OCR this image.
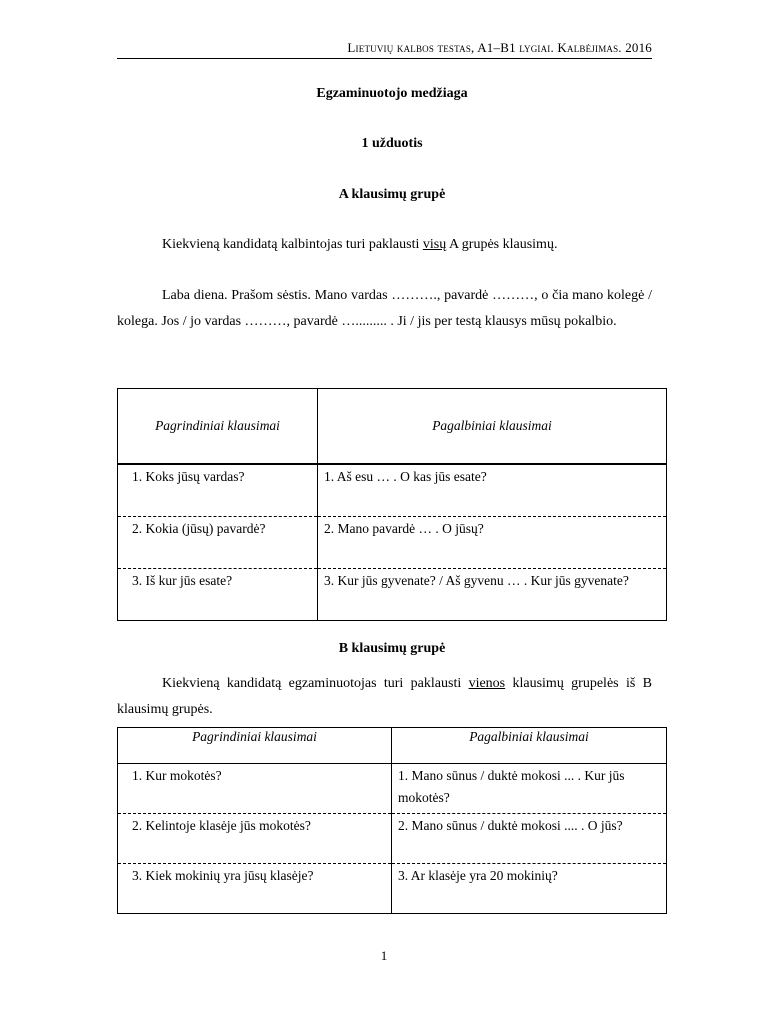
Lietuvių kalbos testas, A1–B1 lygiai. Kalbėjimas. 2016
Egzaminuotojo medžiaga
1 užduotis
A klausimų grupė
Kiekvieną kandidatą kalbintojas turi paklausti visų A grupės klausimų.
Laba diena. Prašom sėstis. Mano vardas ………., pavardė ………, o čia mano kolegė / kolega. Jos / jo vardas ………, pavardė …......... . Ji / jis per testą klausys mūsų pokalbio.
Pagrindiniai klausimai	Pagalbiniai klausimai
1. Koks jūsų vardas?	1. Aš esu … . O kas jūs esate?
2. Kokia (jūsų) pavardė?	2. Mano pavardė … . O jūsų?
3. Iš kur jūs esate?	3. Kur jūs gyvenate? / Aš gyvenu … . Kur jūs gyvenate?
B klausimų grupė
Kiekvieną kandidatą egzaminuotojas turi paklausti vienos klausimų grupelės iš B klausimų grupės.
Pagrindiniai klausimai	Pagalbiniai klausimai
1. Kur mokotės?	1. Mano sūnus / duktė mokosi ... . Kur jūs mokotės?
2. Kelintoje klasėje jūs mokotės?	2. Mano sūnus / duktė mokosi .... . O jūs?
3. Kiek mokinių yra jūsų klasėje?	3. Ar klasėje yra 20 mokinių?
1
